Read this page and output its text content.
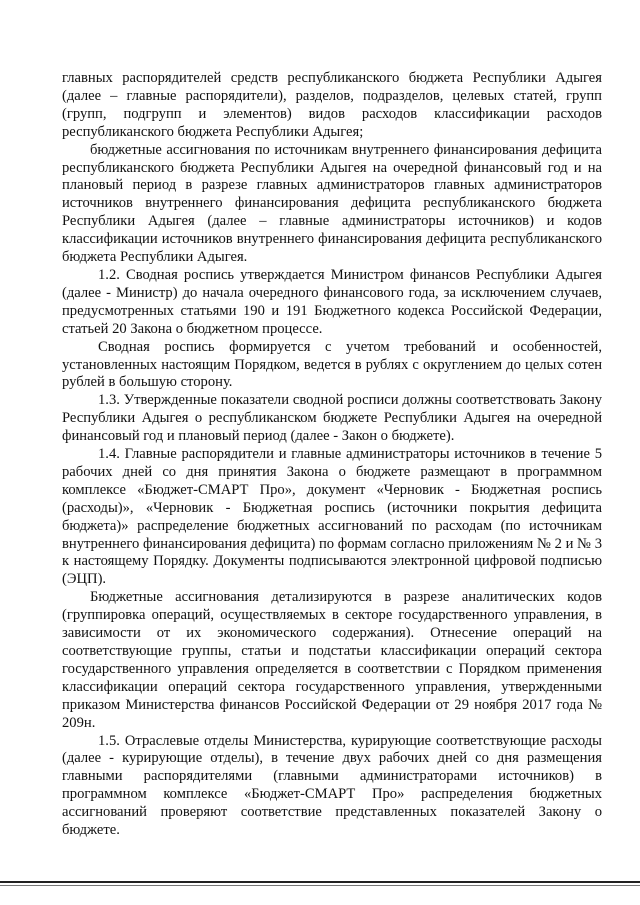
главных распорядителей средств республиканского бюджета Республики Адыгея (далее – главные распорядители), разделов, подразделов, целевых статей, групп (групп, подгрупп и элементов) видов расходов классификации расходов республиканского бюджета Республики Адыгея;

бюджетные ассигнования по источникам внутреннего финансирования дефицита республиканского бюджета Республики Адыгея на очередной финансовый год и на плановый период в разрезе главных администраторов главных администраторов источников внутреннего финансирования дефицита республиканского бюджета Республики Адыгея (далее – главные администраторы источников) и кодов классификации источников внутреннего финансирования дефицита республиканского бюджета Республики Адыгея.

1.2. Сводная роспись утверждается Министром финансов Республики Адыгея (далее - Министр) до начала очередного финансового года, за исключением случаев, предусмотренных статьями 190 и 191 Бюджетного кодекса Российской Федерации, статьей 20 Закона о бюджетном процессе.

Сводная роспись формируется с учетом требований и особенностей, установленных настоящим Порядком, ведется в рублях с округлением до целых сотен рублей в большую сторону.

1.3. Утвержденные показатели сводной росписи должны соответствовать Закону Республики Адыгея о республиканском бюджете Республики Адыгея на очередной финансовый год и плановый период (далее - Закон о бюджете).

1.4. Главные распорядители и главные администраторы источников в течение 5 рабочих дней со дня принятия Закона о бюджете размещают в программном комплексе «Бюджет-СМАРТ Про», документ «Черновик - Бюджетная роспись (расходы)», «Черновик - Бюджетная роспись (источники покрытия дефицита бюджета)» распределение бюджетных ассигнований по расходам (по источникам внутреннего финансирования дефицита) по формам согласно приложениям № 2 и № 3 к настоящему Порядку. Документы подписываются электронной цифровой подписью (ЭЦП).

Бюджетные ассигнования детализируются в разрезе аналитических кодов (группировка операций, осуществляемых в секторе государственного управления, в зависимости от их экономического содержания). Отнесение операций на соответствующие группы, статьи и подстатьи классификации операций сектора государственного управления определяется в соответствии с Порядком применения классификации операций сектора государственного управления, утвержденными приказом Министерства финансов Российской Федерации от 29 ноября 2017 года № 209н.

1.5. Отраслевые отделы Министерства, курирующие соответствующие расходы (далее - курирующие отделы), в течение двух рабочих дней со дня размещения главными распорядителями (главными администраторами источников) в программном комплексе «Бюджет-СМАРТ Про» распределения бюджетных ассигнований проверяют соответствие представленных показателей Закону о бюджете.
